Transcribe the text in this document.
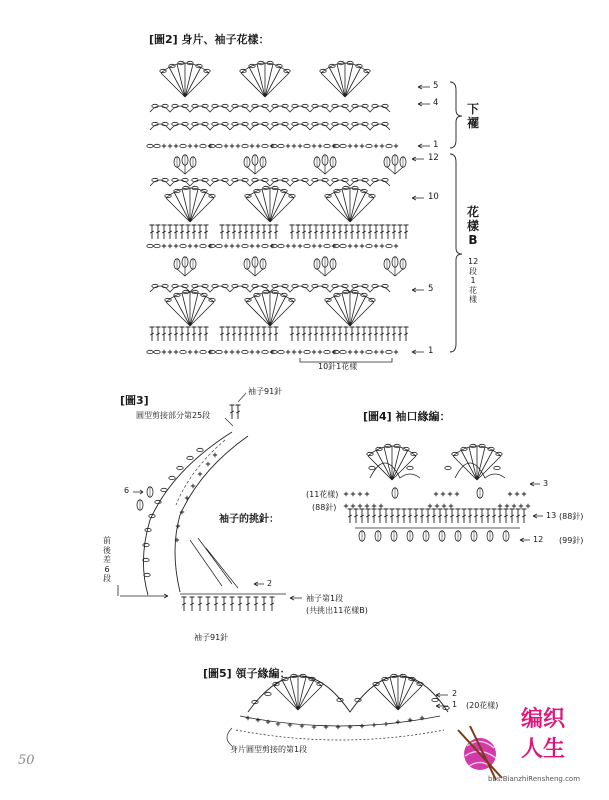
[圖2] 身片、袖子花樣：
5
4
1
12
10
5
1
下襬
花樣B
12段1花樣
10針1花樣
[圖3]
袖子91針
圓型剪接部分第25段
袖子的挑針：
前後差6段
6
2
袖子第1段
(共挑出11花樣B)
袖子91針
[圖4] 袖口緣編：
(11花樣)
(88針)
3
13 (88針)
12 (99針)
[圖5] 領子緣編：
2
1 (20花樣)
身片圓型剪接的第1段
50
编织
人生
bbs.BianzhiRensheng.com
